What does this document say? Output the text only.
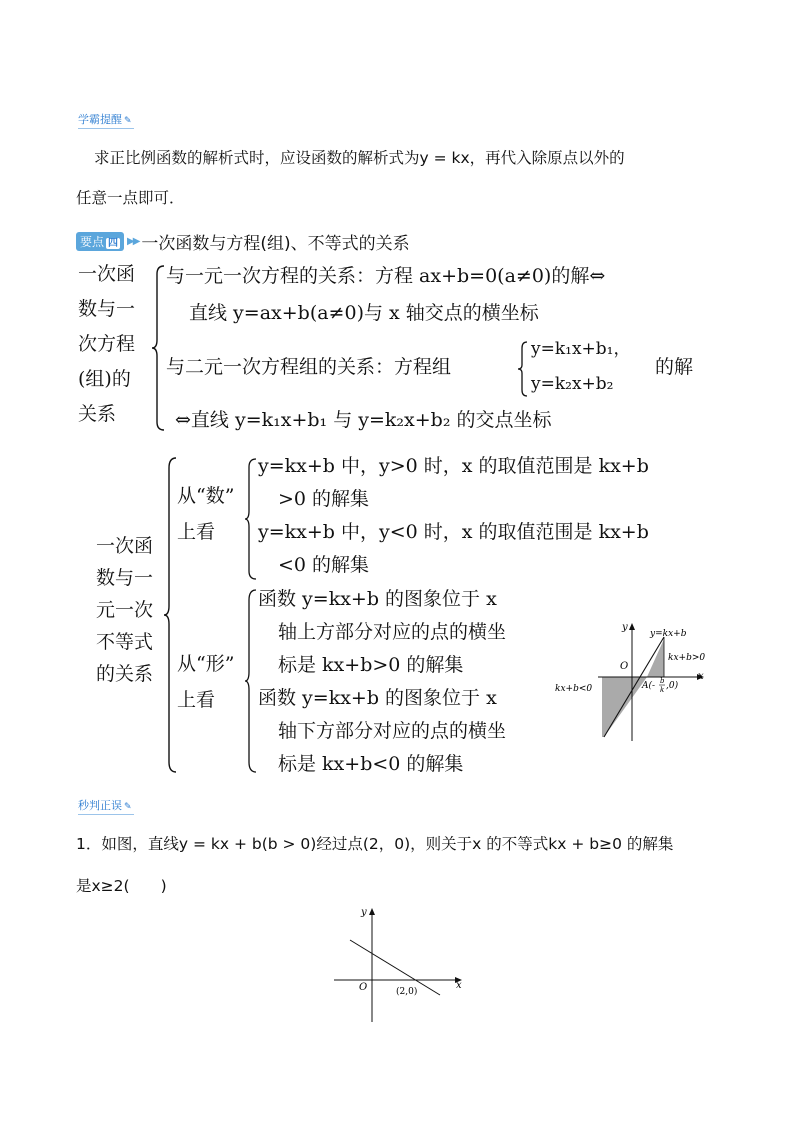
学霸提醒 ✎
求正比例函数的解析式时，应设函数的解析式为y = kx，再代入除原点以外的
任意一点即可．
要点 四 ▶▶ 一次函数与方程(组)、不等式的关系
一次函
数与一
次方程
(组)的
关系
与一元一次方程的关系：方程 ax+b=0(a≠0)的解⇔
直线 y=ax+b(a≠0)与 x 轴交点的横坐标
与二元一次方程组的关系：方程组
y=k₁x+b₁，
y=k₂x+b₂
的解
⇔直线 y=k₁x+b₁ 与 y=k₂x+b₂ 的交点坐标
一次函
数与一
元一次
不等式
的关系
从“数”
上看
y=kx+b 中，y>0 时，x 的取值范围是 kx+b
>0 的解集
y=kx+b 中，y<0 时，x 的取值范围是 kx+b
<0 的解集
从“形”
上看
函数 y=kx+b 的图象位于 x
轴上方部分对应的点的横坐
标是 kx+b>0 的解集
函数 y=kx+b 的图象位于 x
轴下方部分对应的点的横坐
标是 kx+b<0 的解集
y
x
O
y=kx+b
kx+b>0
kx+b<0	A(- b
k ,0)
秒判正误 ✎
1．如图，直线y = kx + b(b > 0)经过点(2，0)，则关于x 的不等式kx + b≥0 的解集
是x≥2(　　)
y
x
O	(2,0)
